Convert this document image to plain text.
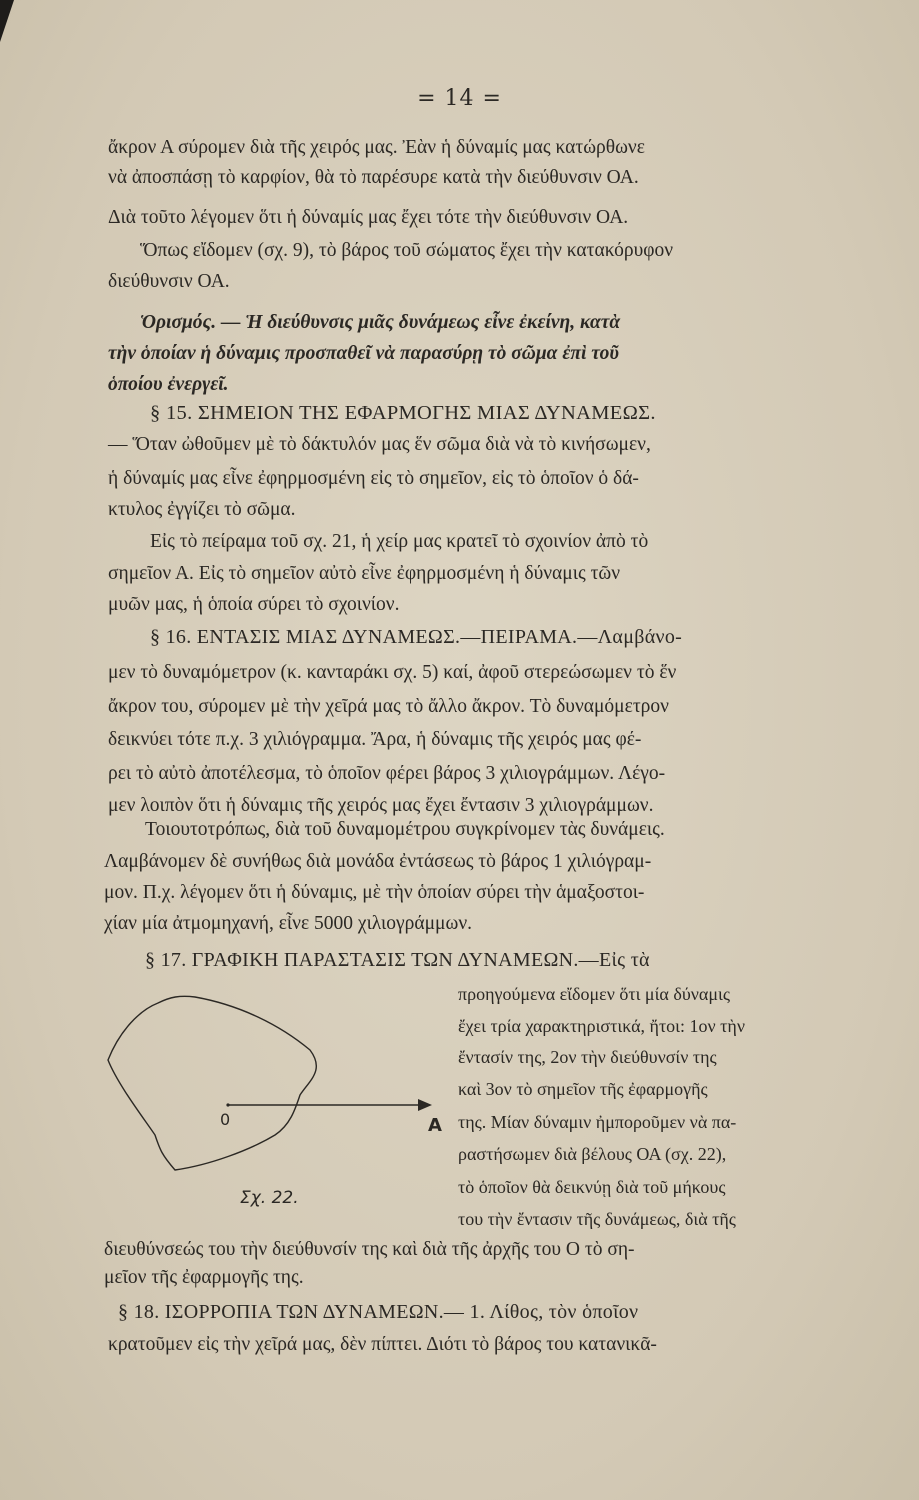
= 14 =
ἄκρον Α σύρομεν διὰ τῆς χειρός μας. Ἐὰν ἡ δύναμίς μας κατώρθωνε
νὰ ἀποσπάσῃ τὸ καρφίον, θὰ τὸ παρέσυρε κατὰ τὴν διεύθυνσιν ΟΑ.
Διὰ τοῦτο λέγομεν ὅτι ἡ δύναμίς μας ἔχει τότε τὴν διεύθυνσιν ΟΑ.
Ὅπως εἴδομεν (σχ. 9), τὸ βάρος τοῦ σώματος ἔχει τὴν κατακόρυφον
διεύθυνσιν ΟΑ.
Ὁρισμός. — Ἡ διεύθυνσις μιᾶς δυνάμεως εἶνε ἐκείνη, κατὰ
τὴν ὁποίαν ἡ δύναμις προσπαθεῖ νὰ παρασύρῃ τὸ σῶμα ἐπὶ τοῦ
ὁποίου ἐνεργεῖ.
§ 15. ΣΗΜΕΙΟΝ ΤΗΣ ΕΦΑΡΜΟΓΗΣ ΜΙΑΣ ΔΥΝΑΜΕΩΣ.
— Ὅταν ὠθοῦμεν μὲ τὸ δάκτυλόν μας ἕν σῶμα διὰ νὰ τὸ κινήσωμεν,
ἡ δύναμίς μας εἶνε ἐφηρμοσμένη εἰς τὸ σημεῖον, εἰς τὸ ὁποῖον ὁ δά-
κτυλος ἐγγίζει τὸ σῶμα.
Εἰς τὸ πείραμα τοῦ σχ. 21, ἡ χείρ μας κρατεῖ τὸ σχοινίον ἀπὸ τὸ
σημεῖον Α. Εἰς τὸ σημεῖον αὐτὸ εἶνε ἐφηρμοσμένη ἡ δύναμις τῶν
μυῶν μας, ἡ ὁποία σύρει τὸ σχοινίον.
§ 16. ΕΝΤΑΣΙΣ ΜΙΑΣ ΔΥΝΑΜΕΩΣ.—ΠΕΙΡΑΜΑ.—Λαμβάνο-
μεν τὸ δυναμόμετρον (κ. κανταράκι σχ. 5) καί, ἀφοῦ στερεώσωμεν τὸ ἕν
ἄκρον του, σύρομεν μὲ τὴν χεῖρά μας τὸ ἄλλο ἄκρον. Τὸ δυναμόμετρον
δεικνύει τότε π.χ. 3 χιλιόγραμμα. Ἄρα, ἡ δύναμις τῆς χειρός μας φέ-
ρει τὸ αὐτὸ ἀποτέλεσμα, τὸ ὁποῖον φέρει βάρος 3 χιλιογράμμων. Λέγο-
μεν λοιπὸν ὅτι ἡ δύναμις τῆς χειρός μας ἔχει ἔντασιν 3 χιλιογράμμων.
Τοιουτοτρόπως, διὰ τοῦ δυναμομέτρου συγκρίνομεν τὰς δυνάμεις.
Λαμβάνομεν δὲ συνήθως διὰ μονάδα ἐντάσεως τὸ βάρος 1 χιλιόγραμ-
μον. Π.χ. λέγομεν ὅτι ἡ δύναμις, μὲ τὴν ὁποίαν σύρει τὴν ἁμαξοστοι-
χίαν μία ἀτμομηχανή, εἶνε 5000 χιλιογράμμων.
§ 17. ΓΡΑΦΙΚΗ ΠΑΡΑΣΤΑΣΙΣ ΤΩΝ ΔΥΝΑΜΕΩΝ.—Εἰς τὰ
προηγούμενα εἴδομεν ὅτι μία δύναμις
ἔχει τρία χαρακτηριστικά, ἤτοι: 1ον τὴν
ἔντασίν της, 2ον τὴν διεύθυνσίν της
καὶ 3ον τὸ σημεῖον τῆς ἐφαρμογῆς
της. Μίαν δύναμιν ἠμποροῦμεν νὰ πα-
ραστήσωμεν διὰ βέλους ΟΑ (σχ. 22),
τὸ ὁποῖον θὰ δεικνύῃ διὰ τοῦ μήκους
του τὴν ἔντασιν τῆς δυνάμεως, διὰ τῆς
διευθύνσεώς του τὴν διεύθυνσίν της καὶ διὰ τῆς ἀρχῆς του Ο τὸ ση-
μεῖον τῆς ἐφαρμογῆς της.
§ 18. ΙΣΟΡΡΟΠΙΑ ΤΩΝ ΔΥΝΑΜΕΩΝ.— 1. Λίθος, τὸν ὁποῖον
κρατοῦμεν εἰς τὴν χεῖρά μας, δὲν πίπτει. Διότι τὸ βάρος του κατανικᾶ-
0	Α
Σχ. 22.
